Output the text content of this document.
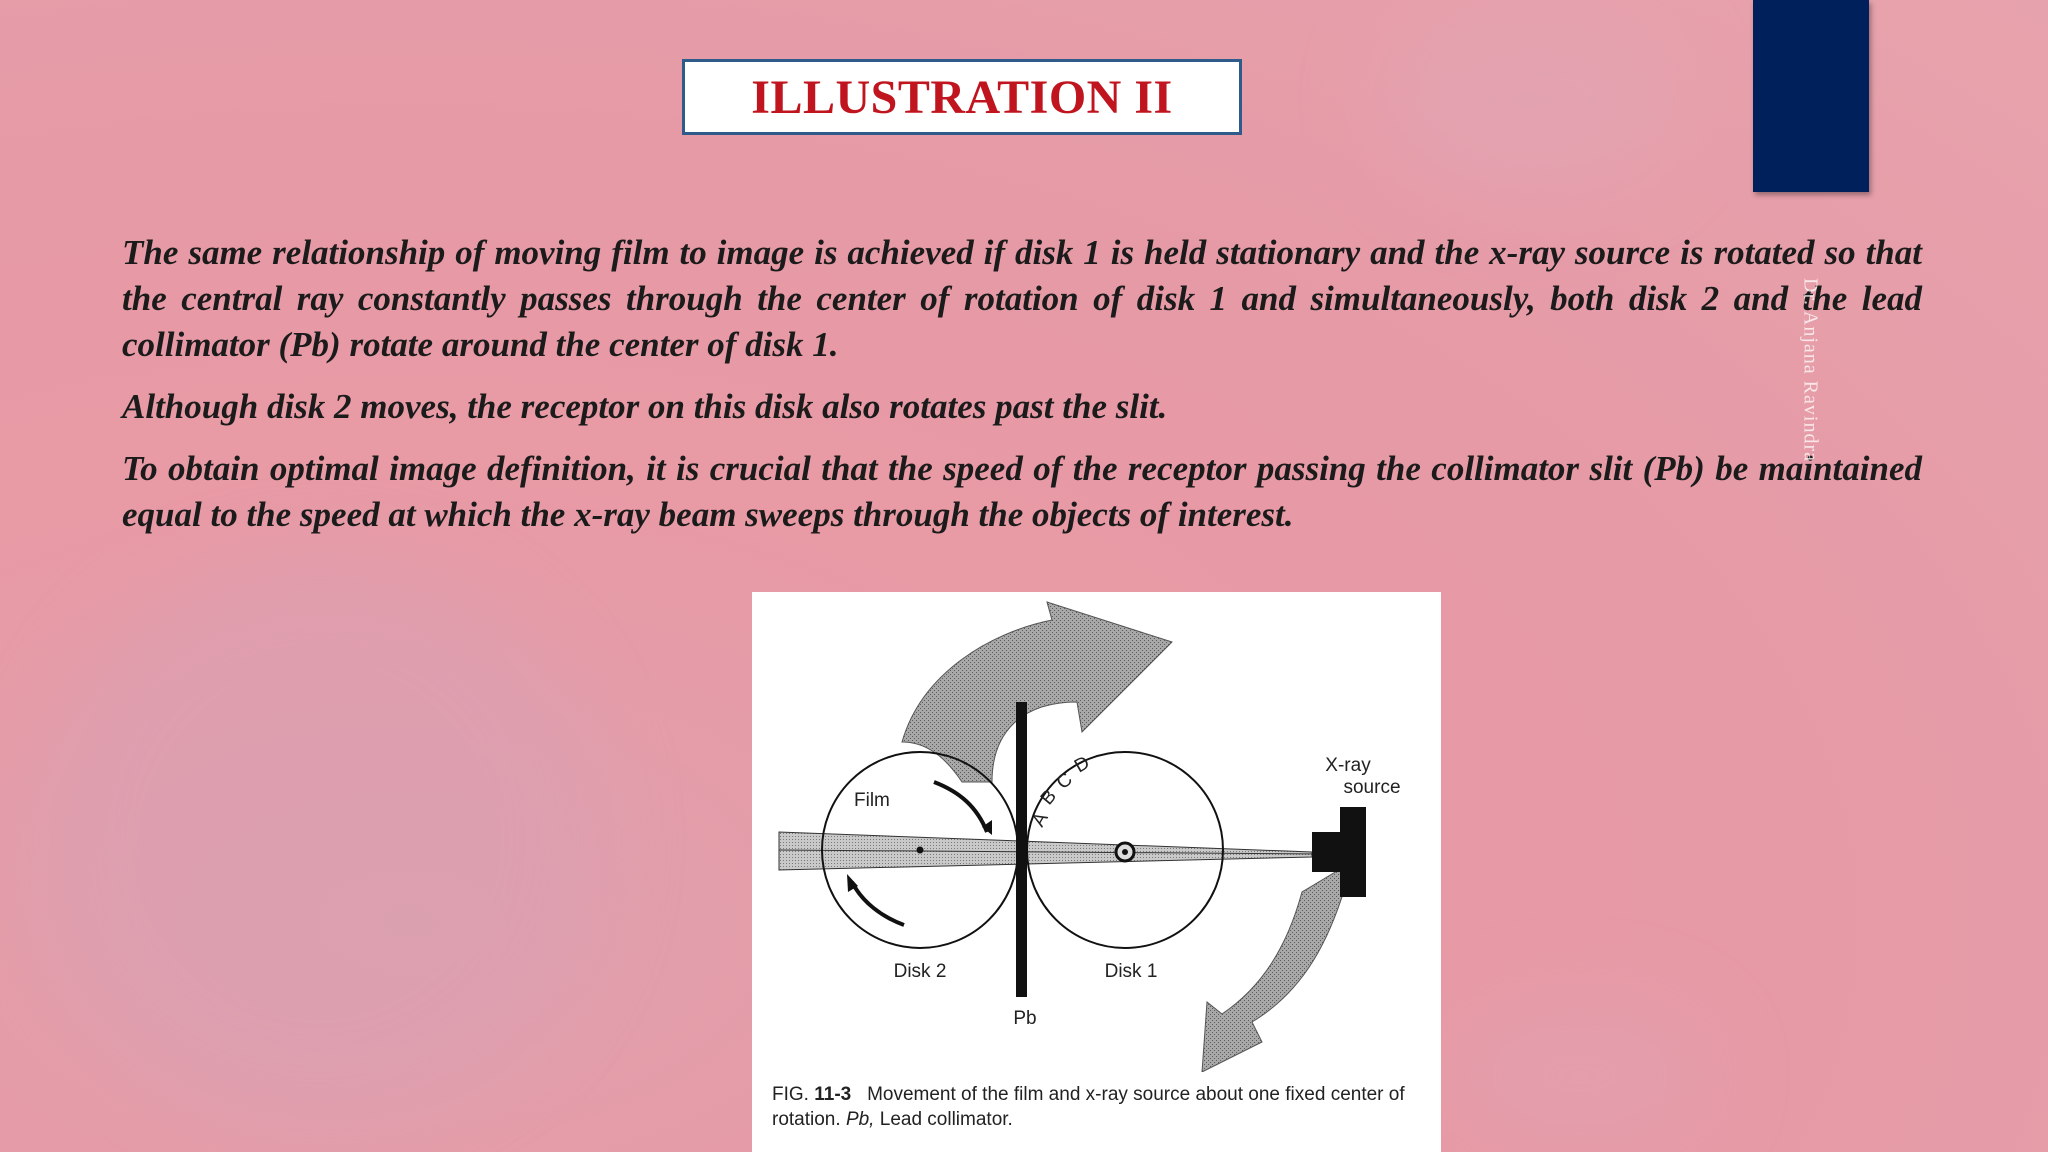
ILLUSTRATION II

The same relationship of moving film to image is achieved if disk 1 is held stationary and the x-ray source is rotated so that the central ray constantly passes through the center of rotation of disk 1 and simultaneously, both disk 2 and the lead collimator (Pb) rotate around the center of disk 1.

Although disk 2 moves, the receptor on this disk also rotates past the slit.

To obtain optimal image definition, it is crucial that the speed of the receptor passing the collimator slit (Pb) be maintained equal to the speed at which the x-ray beam sweeps through the objects of interest.

Dr. Anjana Ravindra
Film
X-ray
source
Disk 2	Disk 1
Pb
A
B
C
D
FIG. 11-3 Movement of the film and x-ray source about one fixed center of rotation. Pb, Lead collimator.
